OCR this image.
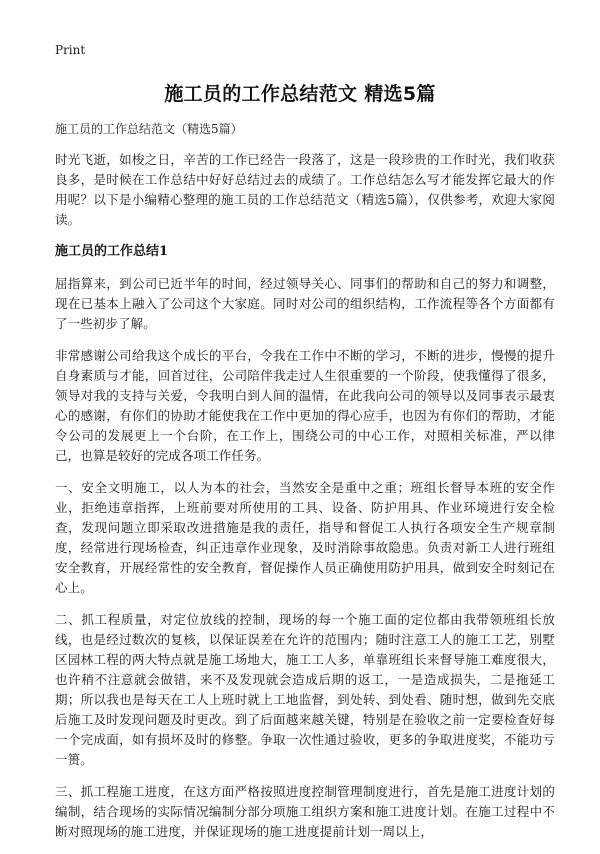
Print
施工员的工作总结范文 精选5篇
施工员的工作总结范文（精选5篇）

时光飞逝，如梭之日，辛苦的工作已经告一段落了，这是一段珍贵的工作时光，我们收获良多，是时候在工作总结中好好总结过去的成绩了。工作总结怎么写才能发挥它最大的作用呢？以下是小编精心整理的施工员的工作总结范文（精选5篇），仅供参考，欢迎大家阅读。

施工员的工作总结1

屈指算来，到公司已近半年的时间，经过领导关心、同事们的帮助和自己的努力和调整，现在已基本上融入了公司这个大家庭。同时对公司的组织结构，工作流程等各个方面都有了一些初步了解。

非常感谢公司给我这个成长的平台，令我在工作中不断的学习，不断的进步，慢慢的提升自身素质与才能，回首过往，公司陪伴我走过人生很重要的一个阶段，使我懂得了很多，领导对我的支持与关爱，令我明白到人间的温情，在此我向公司的领导以及同事表示最衷心的感谢，有你们的协助才能使我在工作中更加的得心应手，也因为有你们的帮助，才能令公司的发展更上一个台阶，在工作上，围绕公司的中心工作，对照相关标准，严以律己，也算是较好的完成各项工作任务。

一、安全文明施工，以人为本的社会，当然安全是重中之重；班组长督导本班的安全作业，拒绝违章指挥，上班前要对所使用的工具、设备、防护用具、作业环境进行安全检查，发现问题立即采取改进措施是我的责任，指导和督促工人执行各项安全生产规章制度，经常进行现场检查，纠正违章作业现象，及时消除事故隐患。负责对新工人进行班组安全教育，开展经常性的安全教育，督促操作人员正确使用防护用具，做到安全时刻记在心上。

二、抓工程质量，对定位放线的控制，现场的每一个施工面的定位都由我带领班组长放线，也是经过数次的复核，以保证误差在允许的范围内；随时注意工人的施工工艺，别墅区园林工程的两大特点就是施工场地大，施工工人多，单靠班组长来督导施工难度很大，也许稍不注意就会做错，来不及发现就会造成后期的返工，一是造成损失，二是拖延工期；所以我也是每天在工人上班时就上工地监督，到处转、到处看、随时想，做到先交底后施工及时发现问题及时更改。到了后面越来越关键，特别是在验收之前一定要检查好每一个完成面，如有损坏及时的修整。争取一次性通过验收，更多的争取进度奖，不能功亏一篑。

三、抓工程施工进度，在这方面严格按照进度控制管理制度进行，首先是施工进度计划的编制，结合现场的实际情况编制分部分项施工组织方案和施工进度计划。在施工过程中不断对照现场的施工进度，并保证现场的施工进度提前计划一周以上，
